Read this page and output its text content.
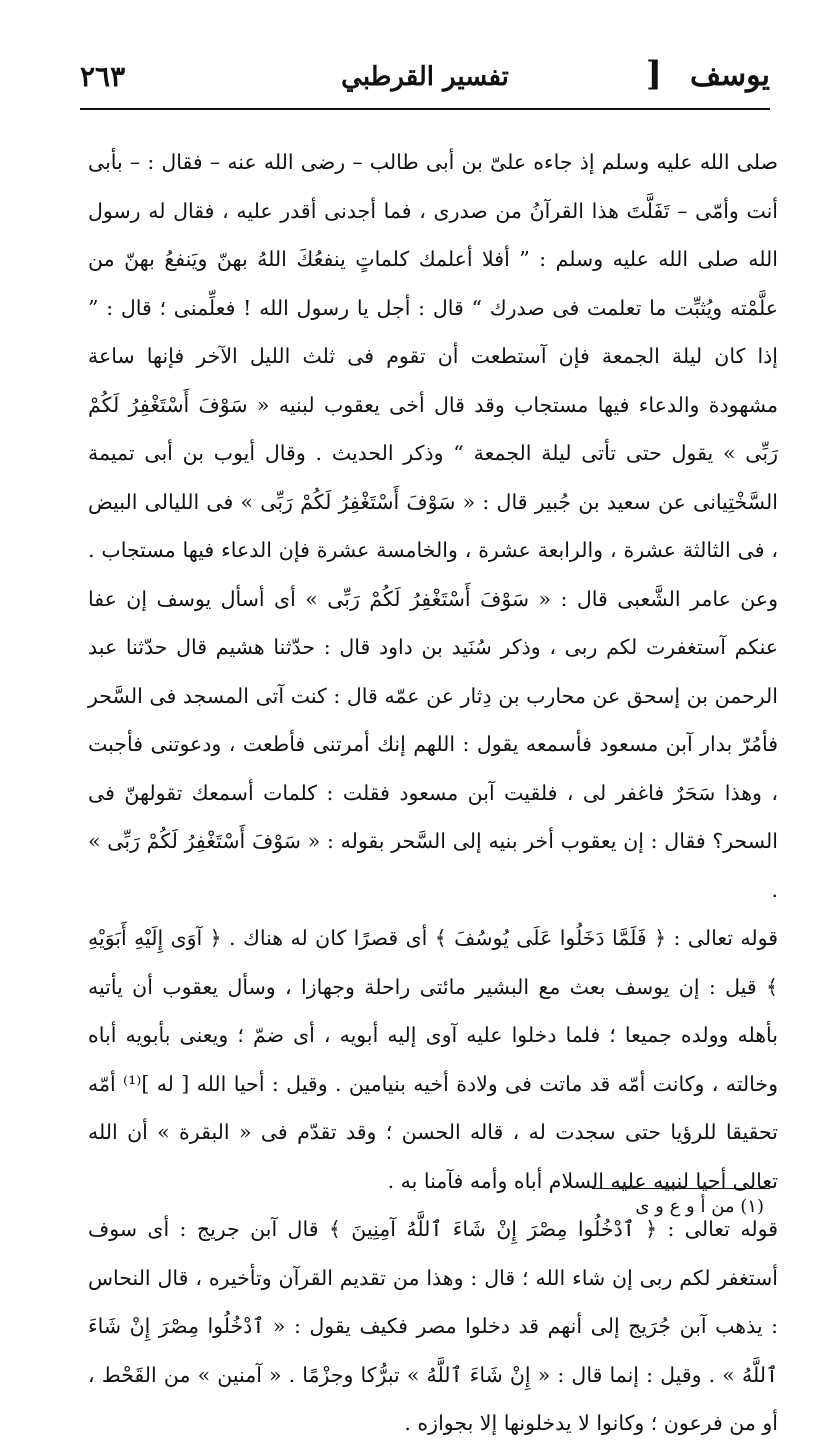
يوسف
]
تفسير القرطبي
٢٦٣

صلى الله عليه وسلم إذ جاءه علىّ بن أبى طالب – رضى الله عنه – فقال : – بأبى أنت وأمّى – تَفَلَّتَ هذا القرآنُ من صدرى ، فما أجدنى أقدر عليه ، فقال له رسول الله صلى الله عليه وسلم : ” أفلا أعلمك كلماتٍ ينفعُكَ اللهُ بهنّ ويَنفعُ بهنّ من علَّمْته ويُثبِّت ما تعلمت فى صدرك “ قال : أجل يا رسول الله ! فعلِّمنى ؛ قال : ” إذا كان ليلة الجمعة فإن آستطعت أن تقوم فى ثلث الليل الآخر فإنها ساعة مشهودة والدعاء فيها مستجاب وقد قال أخى يعقوب لبنيه « سَوْفَ أَسْتَغْفِرُ لَكُمْ رَبِّى » يقول حتى تأتى ليلة الجمعة “ وذكر الحديث . وقال أيوب بن أبى تميمة السَّخْتِيانى عن سعيد بن جُبير قال : « سَوْفَ أَسْتَغْفِرُ لَكُمْ رَبِّى » فى الليالى البيض ، فى الثالثة عشرة ، والرابعة عشرة ، والخامسة عشرة فإن الدعاء فيها مستجاب . وعن عامر الشَّعبى قال : « سَوْفَ أَسْتَغْفِرُ لَكُمْ رَبِّى » أى أسأل يوسف إن عفا عنكم آستغفرت لكم ربى ، وذكر سُنَيد بن داود قال : حدّثنا هشيم قال حدّثنا عبد الرحمن بن إسحق عن محارب بن دِثار عن عمّه قال : كنت آتى المسجد فى السَّحر فأمُرّ بدار آبن مسعود فأسمعه يقول : اللهم إنك أمرتنى فأطعت ، ودعوتنى فأجبت ، وهذا سَحَرٌ فاغفر لى ، فلقيت آبن مسعود فقلت : كلمات أسمعك تقولهنّ فى السحر؟ فقال : إن يعقوب أخر بنيه إلى السَّحر بقوله : « سَوْفَ أَسْتَغْفِرُ لَكُمْ رَبِّى » .

قوله تعالى : ﴿ فَلَمَّا دَخَلُوا عَلَى يُوسُفَ ﴾ أى قصرًا كان له هناك . ﴿ آوَى إِلَيْهِ أَبَوَيْهِ ﴾ قيل : إن يوسف بعث مع البشير مائتى راحلة وجهازا ، وسأل يعقوب أن يأتيه بأهله وولده جميعا ؛ فلما دخلوا عليه آوى إليه أبويه ، أى ضمّ ؛ ويعنى بأبويه أباه وخالته ، وكانت أمّه قد ماتت فى ولادة أخيه بنيامين . وقيل : أحيا الله [ له ]⁽¹⁾ أمّه تحقيقا للرؤيا حتى سجدت له ، قاله الحسن ؛ وقد تقدّم فى « البقرة » أن الله تعالى أحيا لنبيه عليه السلام أباه وأمه فآمنا به .

قوله تعالى : ﴿ ٱدْخُلُوا مِصْرَ إِنْ شَاءَ ٱللَّهُ آمِنِينَ ﴾ قال آبن جريج : أى سوف أستغفر لكم ربى إن شاء الله ؛ قال : وهذا من تقديم القرآن وتأخيره ، قال النحاس : يذهب آبن جُرَيج إلى أنهم قد دخلوا مصر فكيف يقول : « ٱدْخُلُوا مِصْرَ إِنْ شَاءَ ٱللَّهُ » . وقيل : إنما قال : « إِنْ شَاءَ ٱللَّهُ » تبرُّكا وجزْمًا . « آمنين » من القَحْط ، أو من فرعون ؛ وكانوا لا يدخلونها إلا بجوازه .

(١) من أ و ع و ى
